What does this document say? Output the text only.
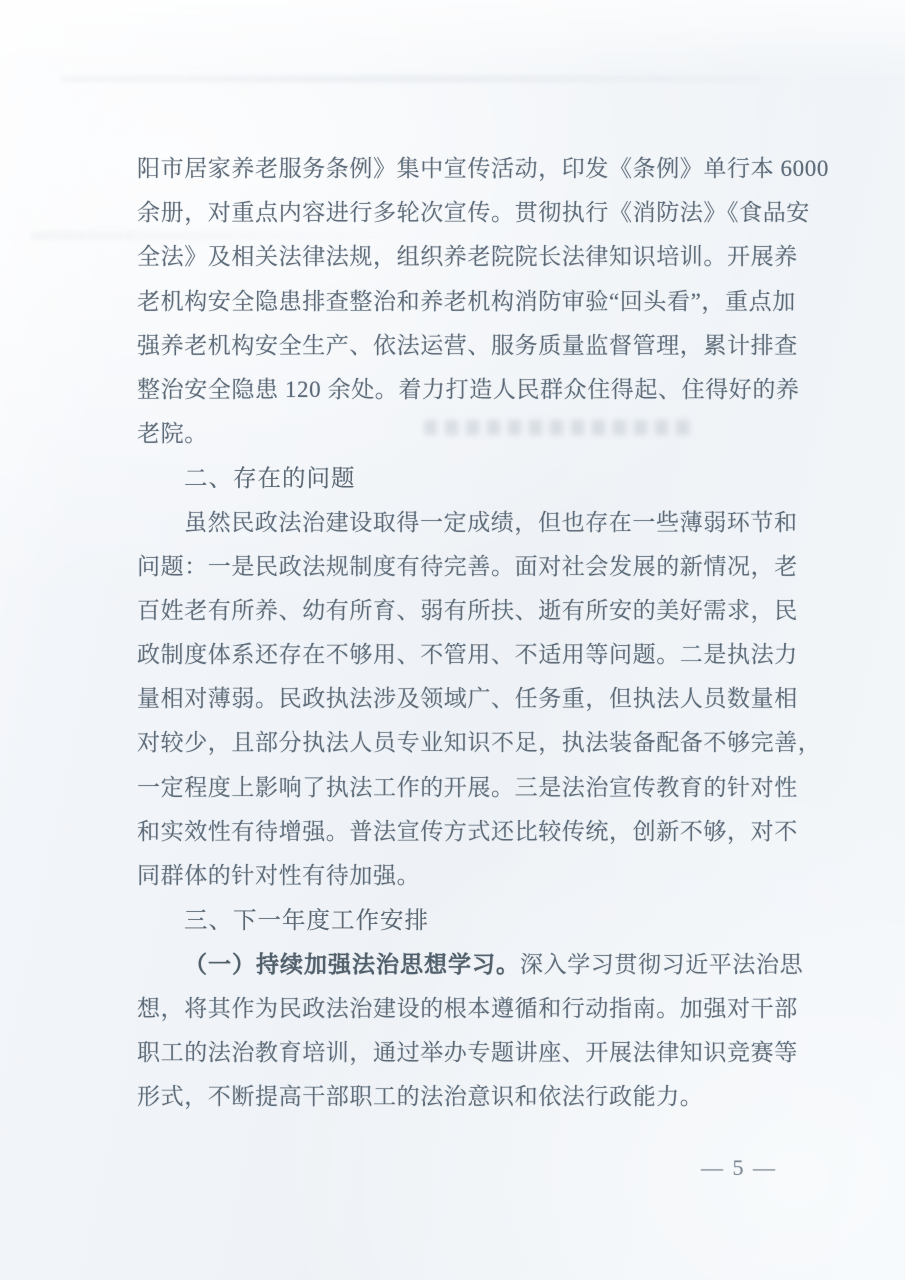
阳市居家养老服务条例》集中宣传活动，印发《条例》单行本 6000
余册，对重点内容进行多轮次宣传。贯彻执行《消防法》《食品安
全法》及相关法律法规，组织养老院院长法律知识培训。开展养
老机构安全隐患排查整治和养老机构消防审验“回头看”，重点加
强养老机构安全生产、依法运营、服务质量监督管理，累计排查
整治安全隐患 120 余处。着力打造人民群众住得起、住得好的养
老院。
二、存在的问题
虽然民政法治建设取得一定成绩，但也存在一些薄弱环节和
问题：一是民政法规制度有待完善。面对社会发展的新情况，老
百姓老有所养、幼有所育、弱有所扶、逝有所安的美好需求，民
政制度体系还存在不够用、不管用、不适用等问题。二是执法力
量相对薄弱。民政执法涉及领域广、任务重，但执法人员数量相
对较少，且部分执法人员专业知识不足，执法装备配备不够完善，
一定程度上影响了执法工作的开展。三是法治宣传教育的针对性
和实效性有待增强。普法宣传方式还比较传统，创新不够，对不
同群体的针对性有待加强。
三、下一年度工作安排
（一）持续加强法治思想学习。深入学习贯彻习近平法治思
想，将其作为民政法治建设的根本遵循和行动指南。加强对干部
职工的法治教育培训，通过举办专题讲座、开展法律知识竞赛等
形式，不断提高干部职工的法治意识和依法行政能力。
— 5 —
